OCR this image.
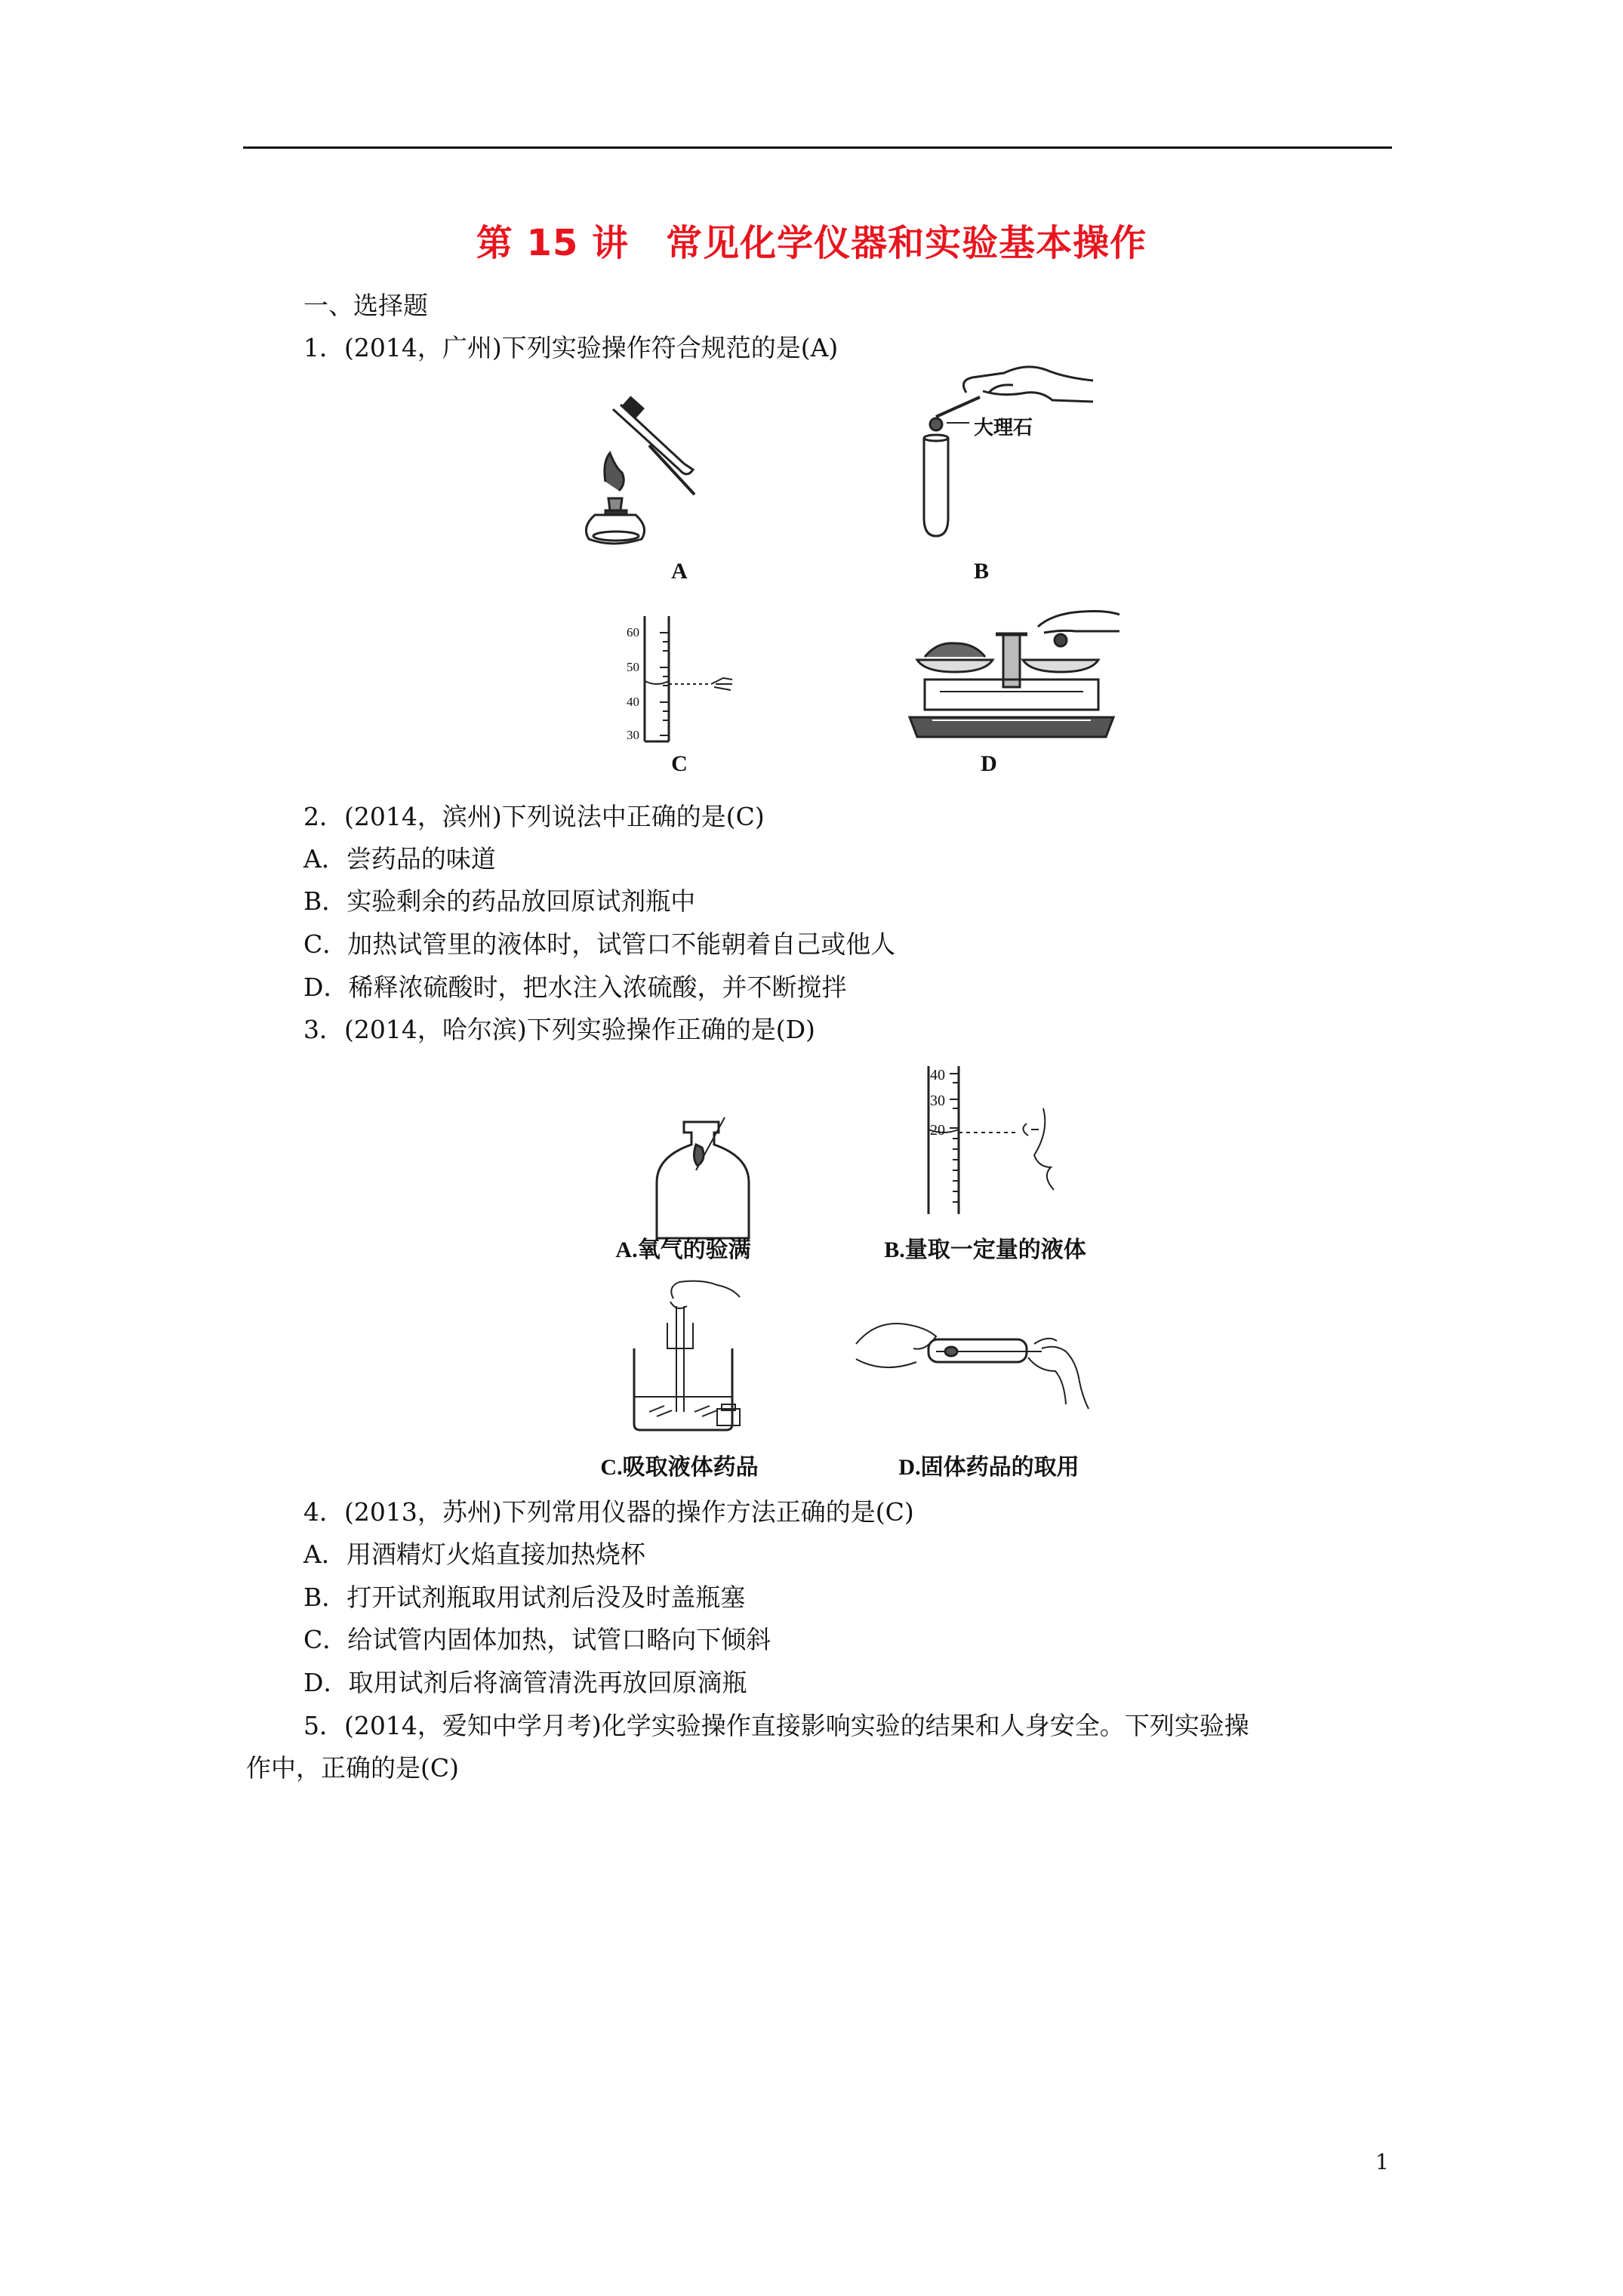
第 15 讲　常见化学仪器和实验基本操作
一、选择题
1．(2014，广州)下列实验操作符合规范的是(A)
A
大理石
B
60
50
40
30
C	D
2．(2014，滨州)下列说法中正确的是(C)
A．尝药品的味道
B．实验剩余的药品放回原试剂瓶中
C．加热试管里的液体时，试管口不能朝着自己或他人
D．稀释浓硫酸时，把水注入浓硫酸，并不断搅拌
3．(2014，哈尔滨)下列实验操作正确的是(D)
A.氧气的验满
40
30
20
B.量取一定量的液体
C.吸取液体药品	D.固体药品的取用
4．(2013，苏州)下列常用仪器的操作方法正确的是(C)
A．用酒精灯火焰直接加热烧杯
B．打开试剂瓶取用试剂后没及时盖瓶塞
C．给试管内固体加热，试管口略向下倾斜
D．取用试剂后将滴管清洗再放回原滴瓶
5．(2014，爱知中学月考)化学实验操作直接影响实验的结果和人身安全。下列实验操
作中，正确的是(C)
1
